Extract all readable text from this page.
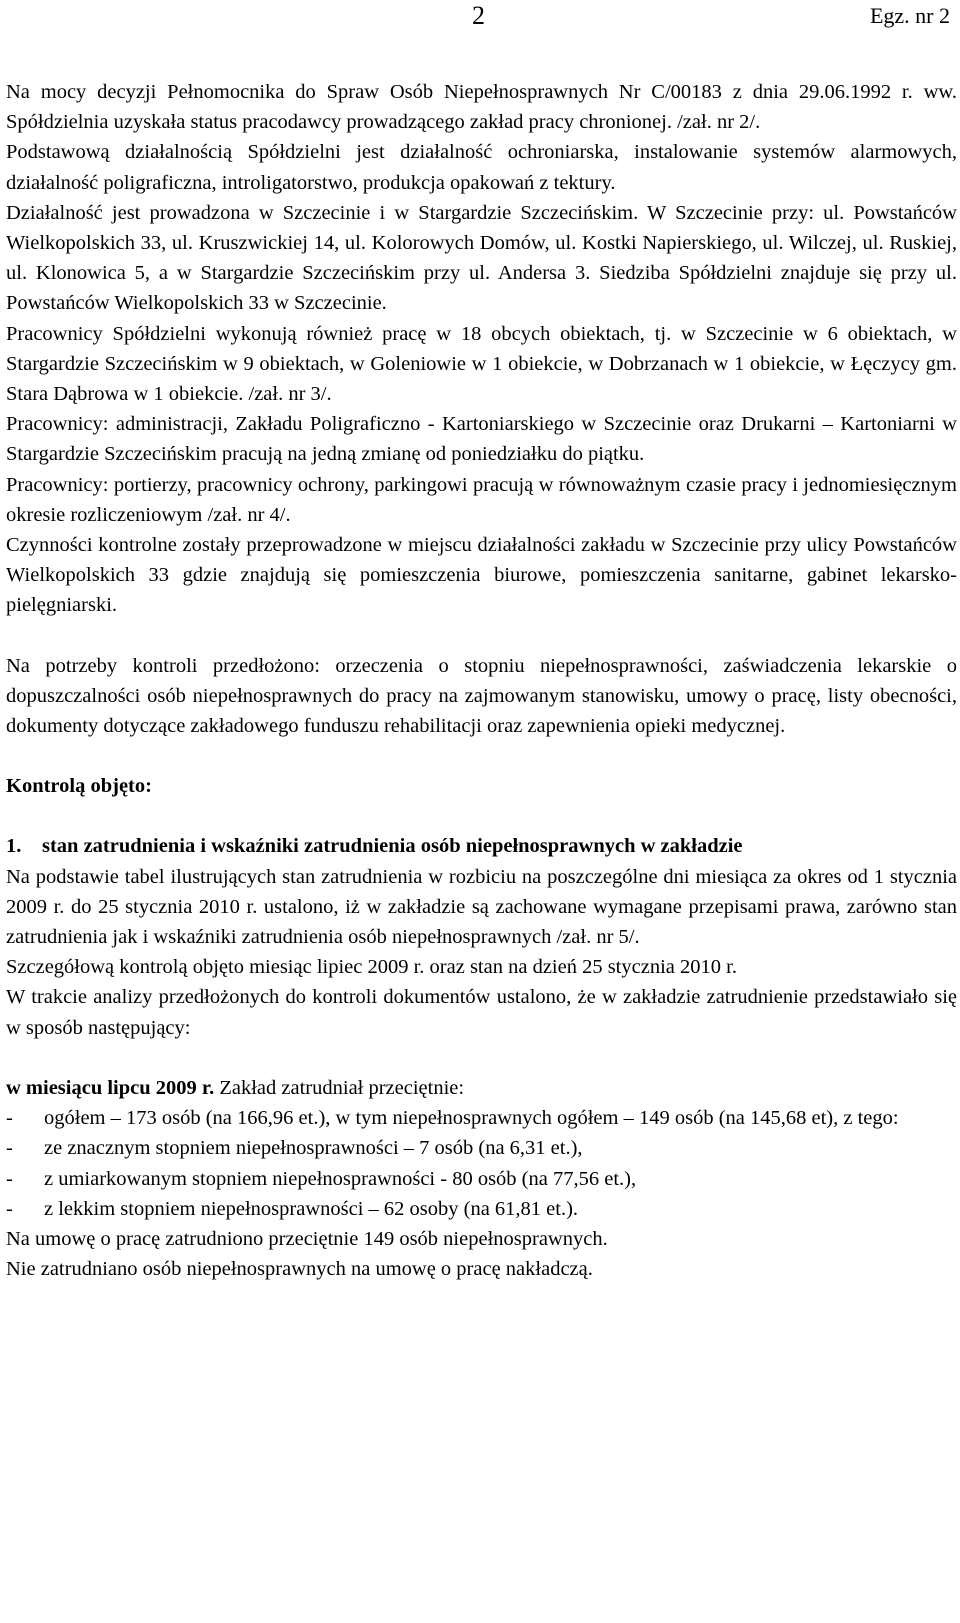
2	Egz. nr 2

Na mocy decyzji Pełnomocnika do Spraw Osób Niepełnosprawnych Nr C/00183 z dnia 29.06.1992 r. ww. Spółdzielnia uzyskała status pracodawcy prowadzącego zakład pracy chronionej. /zał. nr 2/.

Podstawową działalnością Spółdzielni jest działalność ochroniarska, instalowanie systemów alarmowych, działalność poligraficzna, introligatorstwo, produkcja opakowań z tektury.

Działalność jest prowadzona w Szczecinie i w Stargardzie Szczecińskim. W Szczecinie przy: ul. Powstańców Wielkopolskich 33, ul. Kruszwickiej 14, ul. Kolorowych Domów, ul. Kostki Napierskiego, ul. Wilczej, ul. Ruskiej, ul. Klonowica 5, a w Stargardzie Szczecińskim przy ul. Andersa 3. Siedziba Spółdzielni znajduje się przy ul. Powstańców Wielkopolskich 33 w Szczecinie.

Pracownicy Spółdzielni wykonują również pracę w 18 obcych obiektach, tj. w Szczecinie w 6 obiektach, w Stargardzie Szczecińskim w 9 obiektach, w Goleniowie w 1 obiekcie, w Dobrzanach w 1 obiekcie, w Łęczycy gm. Stara Dąbrowa w 1 obiekcie. /zał. nr 3/.

Pracownicy: administracji, Zakładu Poligraficzno - Kartoniarskiego w Szczecinie oraz Drukarni – Kartoniarni w Stargardzie Szczecińskim pracują na jedną zmianę od poniedziałku do piątku.

Pracownicy: portierzy, pracownicy ochrony, parkingowi pracują w równoważnym czasie pracy i jednomiesięcznym okresie rozliczeniowym /zał. nr 4/.

Czynności kontrolne zostały przeprowadzone w miejscu działalności zakładu w Szczecinie przy ulicy Powstańców Wielkopolskich 33 gdzie znajdują się pomieszczenia biurowe, pomieszczenia sanitarne, gabinet lekarsko-pielęgniarski.

Na potrzeby kontroli przedłożono: orzeczenia o stopniu niepełnosprawności, zaświadczenia lekarskie o dopuszczalności osób niepełnosprawnych do pracy na zajmowanym stanowisku, umowy o pracę, listy obecności, dokumenty dotyczące zakładowego funduszu rehabilitacji oraz zapewnienia opieki medycznej.

Kontrolą objęto:

1. stan zatrudnienia i wskaźniki zatrudnienia osób niepełnosprawnych w zakładzie

Na podstawie tabel ilustrujących stan zatrudnienia w rozbiciu na poszczególne dni miesiąca za okres od 1 stycznia 2009 r. do 25 stycznia 2010 r. ustalono, iż w zakładzie są zachowane wymagane przepisami prawa, zarówno stan zatrudnienia jak i wskaźniki zatrudnienia osób niepełnosprawnych /zał. nr 5/.

Szczegółową kontrolą objęto miesiąc lipiec 2009 r. oraz stan na dzień 25 stycznia 2010 r.

W trakcie analizy przedłożonych do kontroli dokumentów ustalono, że w zakładzie zatrudnienie przedstawiało się w sposób następujący:

w miesiącu lipcu 2009 r. Zakład zatrudniał przeciętnie:

- ogółem – 173 osób (na 166,96 et.), w tym niepełnosprawnych ogółem – 149 osób (na 145,68 et), z tego:
- ze znacznym stopniem niepełnosprawności – 7 osób (na 6,31 et.),
- z umiarkowanym stopniem niepełnosprawności - 80 osób (na 77,56 et.),
- z lekkim stopniem niepełnosprawności – 62 osoby (na 61,81 et.).

Na umowę o pracę zatrudniono przeciętnie 149 osób niepełnosprawnych.

Nie zatrudniano osób niepełnosprawnych na umowę o pracę nakładczą.
